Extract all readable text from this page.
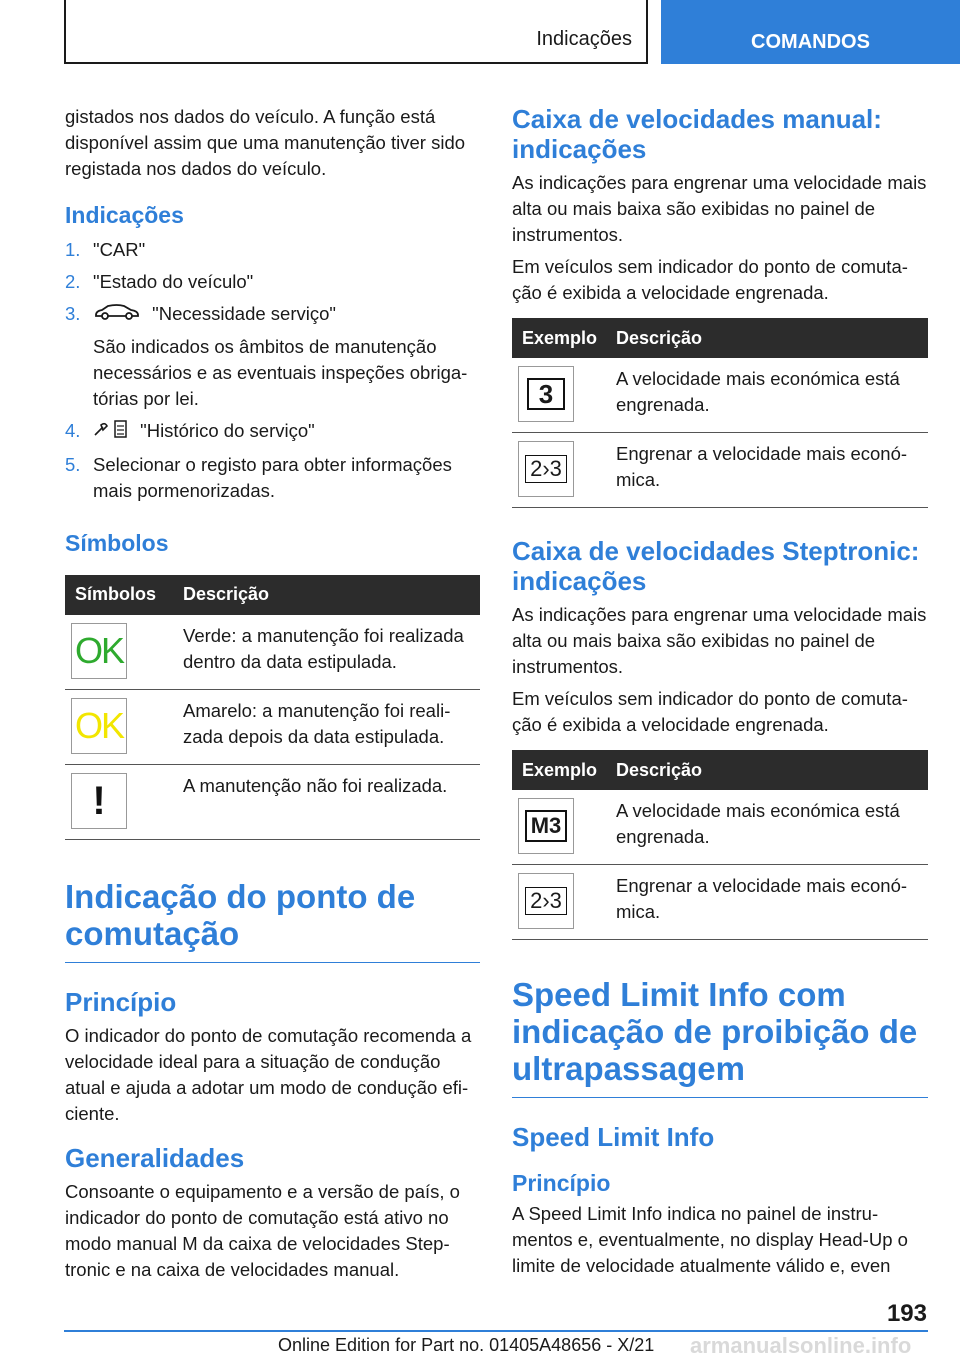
Indicações	COMANDOS

gistados nos dados do veículo. A função está disponível assim que uma manutenção tiver sido registada nos dados do veículo.

Indicações
1. "CAR"
2. "Estado do veículo"
3.	"Necessidade serviço"
São indicados os âmbitos de manutenção necessários e as eventuais inspeções obrigatórias por lei.
4.	"Histórico do serviço"
5. Selecionar o registo para obter informações mais pormenorizadas.
Símbolos
Símbolos	Descrição

OK	Verde: a manutenção foi realizada dentro da data estipulada.

OK	Amarelo: a manutenção foi realizada depois da data estipulada.

!	A manutenção não foi realizada.
Indicação do ponto de comutação
Princípio

O indicador do ponto de comutação recomenda a velocidade ideal para a situação de condução atual e ajuda a adotar um modo de condução eficiente.

Generalidades

Consoante o equipamento e a versão de país, o indicador do ponto de comutação está ativo no modo manual M da caixa de velocidades Steptronic e na caixa de velocidades manual.

Caixa de velocidades manual: indicações

As indicações para engrenar uma velocidade mais alta ou mais baixa são exibidas no painel de instrumentos.

Em veículos sem indicador do ponto de comutação é exibida a velocidade engrenada.

Exemplo	Descrição

3	A velocidade mais económica está engrenada.

2›3	Engrenar a velocidade mais económica.
Caixa de velocidades Steptronic: indicações

As indicações para engrenar uma velocidade mais alta ou mais baixa são exibidas no painel de instrumentos.

Em veículos sem indicador do ponto de comutação é exibida a velocidade engrenada.

Exemplo	Descrição

M3	A velocidade mais económica está engrenada.

2›3	Engrenar a velocidade mais económica.
Speed Limit Info com indicação de proibição de ultrapassagem
Speed Limit Info
Princípio

A Speed Limit Info indica no painel de instrumentos e, eventualmente, no display Head-Up o limite de velocidade atualmente válido e, even

193
Online Edition for Part no. 01405A48656 - X/21 armanualsonline.info
